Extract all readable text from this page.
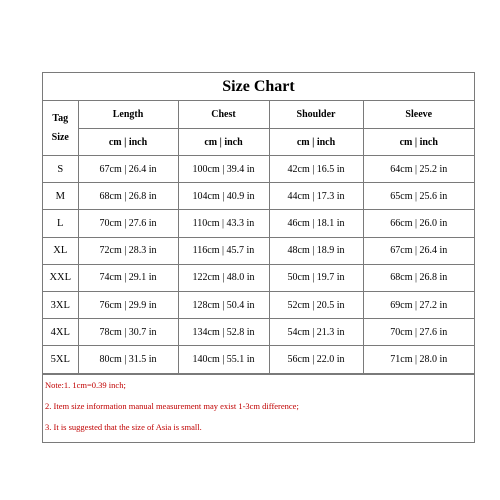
Size Chart
Tag
Size	Length	Chest	Shoulder	Sleeve
	cm | inch	cm | inch	cm | inch	cm | inch
S	67cm | 26.4 in	100cm | 39.4 in	42cm | 16.5 in	64cm | 25.2 in
M	68cm | 26.8 in	104cm | 40.9 in	44cm | 17.3 in	65cm | 25.6 in
L	70cm | 27.6 in	110cm | 43.3 in	46cm | 18.1 in	66cm | 26.0 in
XL	72cm | 28.3 in	116cm | 45.7 in	48cm | 18.9 in	67cm | 26.4 in
XXL	74cm | 29.1 in	122cm | 48.0 in	50cm | 19.7 in	68cm | 26.8 in
3XL	76cm | 29.9 in	128cm | 50.4 in	52cm | 20.5 in	69cm | 27.2 in
4XL	78cm | 30.7 in	134cm | 52.8 in	54cm | 21.3 in	70cm | 27.6 in
5XL	80cm | 31.5 in	140cm | 55.1 in	56cm | 22.0 in	71cm | 28.0 in
Note:1. 1cm=0.39 inch;
2. Item size information manual measurement may exist 1-3cm difference;
3. It is suggested that the size of Asia is small.
